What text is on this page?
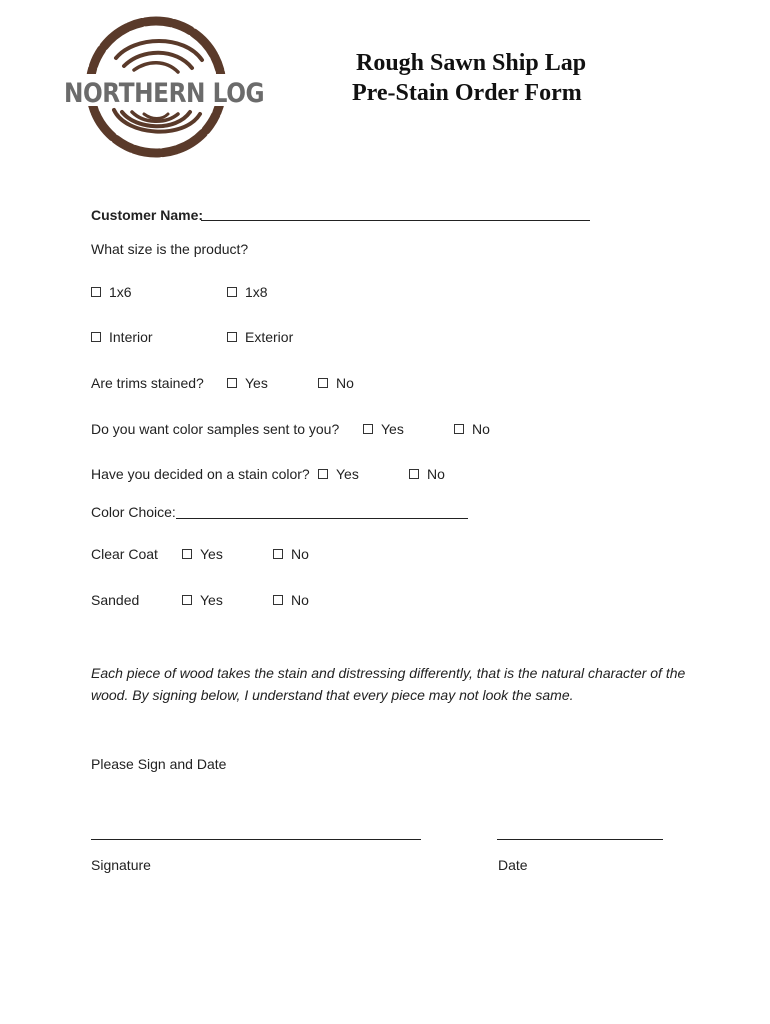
NORTHERN LOG
Rough Sawn Ship Lap
Pre-Stain Order Form
Customer Name:
What size is the product?
1x6	1x8
Interior	Exterior
Are trims stained?	Yes	No
Do you want color samples sent to you?	Yes	No
Have you decided on a stain color? Yes	No
Color Choice:
Clear Coat	Yes	No
Sanded	Yes	No
Each piece of wood takes the stain and distressing differently, that is the natural character of the wood. By signing below, I understand that every piece may not look the same.
Please Sign and Date
Signature	Date
